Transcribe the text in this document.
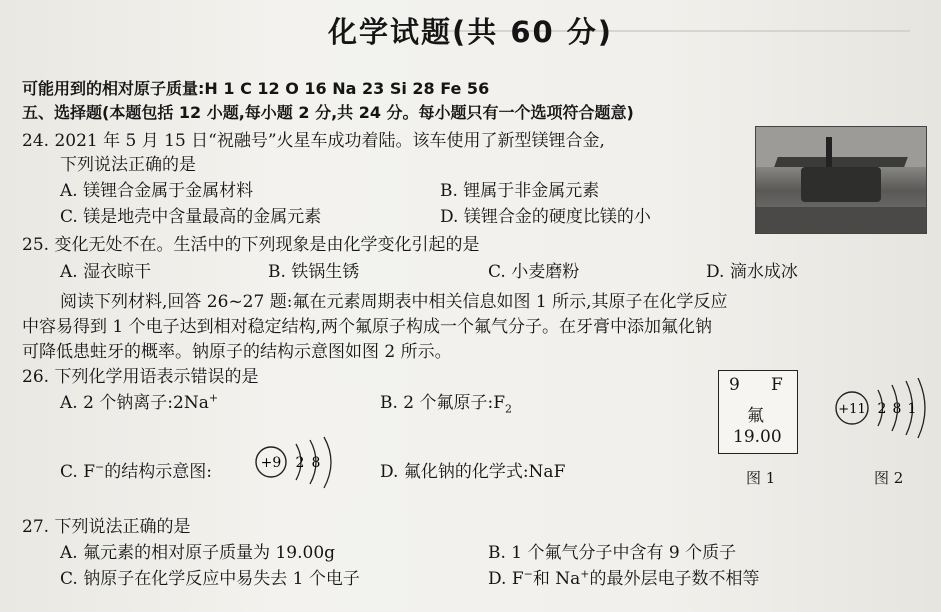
化学试题(共 60 分)
可能用到的相对原子质量:H 1 C 12 O 16 Na 23 Si 28 Fe 56
五、选择题(本题包括 12 小题,每小题 2 分,共 24 分。每小题只有一个选项符合题意)
24. 2021 年 5 月 15 日“祝融号”火星车成功着陆。该车使用了新型镁锂合金,
下列说法正确的是
A. 镁锂合金属于金属材料	B. 锂属于非金属元素
C. 镁是地壳中含量最高的金属元素	D. 镁锂合金的硬度比镁的小
25. 变化无处不在。生活中的下列现象是由化学变化引起的是
A. 湿衣晾干	B. 铁锅生锈	C. 小麦磨粉	D. 滴水成冰
阅读下列材料,回答 26~27 题:氟在元素周期表中相关信息如图 1 所示,其原子在化学反应
中容易得到 1 个电子达到相对稳定结构,两个氟原子构成一个氟气分子。在牙膏中添加氟化钠
可降低患蛀牙的概率。钠原子的结构示意图如图 2 所示。
26. 下列化学用语表示错误的是
A. 2 个钠离子:2Na+	B. 2 个氟原子$:F_2$
C. F−的结构示意图:	+9 2 8	D. 氟化钠的化学式:NaF
9 F
氟
19.00
图 1
+11 2 8 1
图 2
27. 下列说法正确的是
A. 氟元素的相对原子质量为 19.00g	B. 1 个氟气分子中含有 9 个质子
C. 钠原子在化学反应中易失去 1 个电子	D. F−和 Na+的最外层电子数不相等
